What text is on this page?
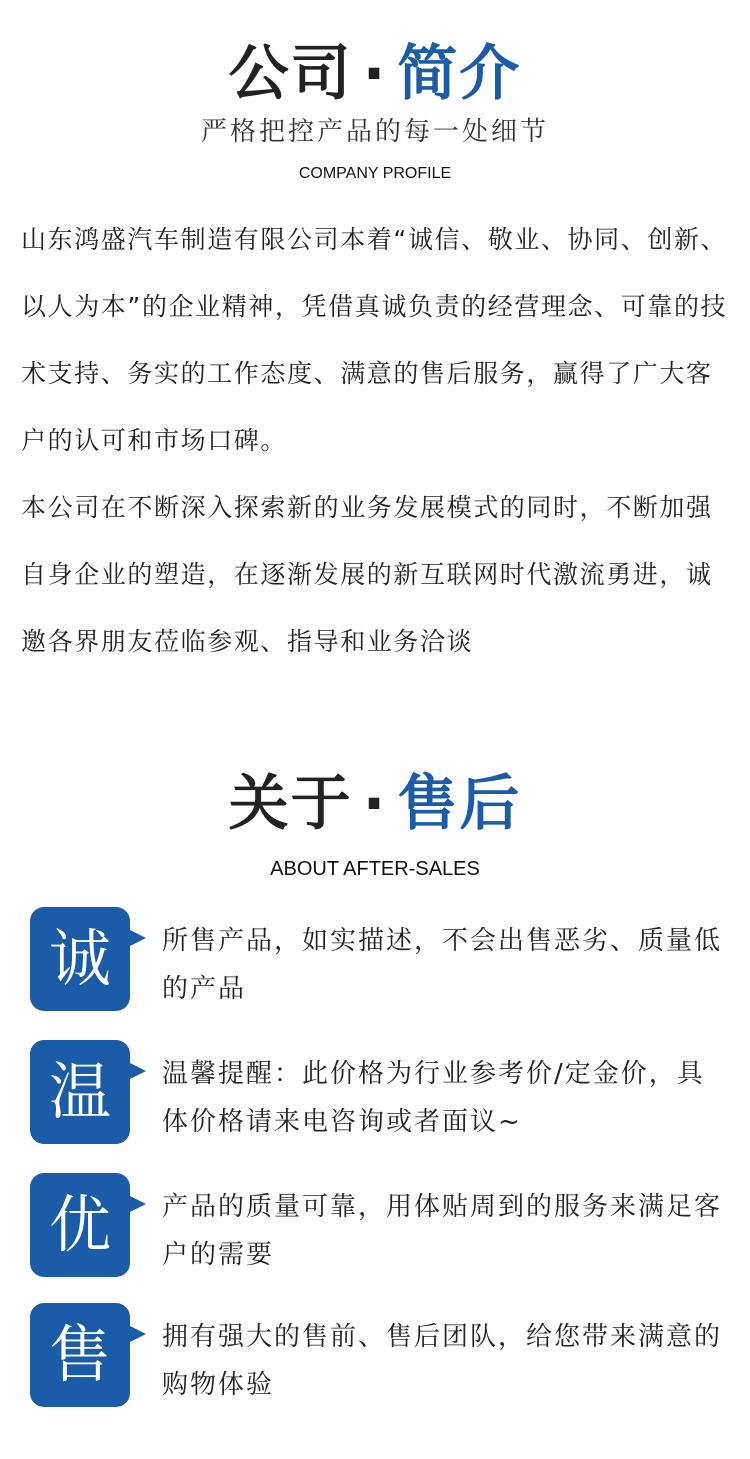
公司 · 简介
严格把控产品的每一处细节
COMPANY PROFILE

山东鸿盛汽车制造有限公司本着“诚信、敬业、协同、创新、以人为本”的企业精神，凭借真诚负责的经营理念、可靠的技术支持、务实的工作态度、满意的售后服务，赢得了广大客户的认可和市场口碑。

本公司在不断深入探索新的业务发展模式的同时，不断加强自身企业的塑造，在逐渐发展的新互联网时代激流勇进，诚邀各界朋友莅临参观、指导和业务洽谈

关于 · 售后
ABOUT AFTER-SALES
诚	所售产品，如实描述，不会出售恶劣、质量低的产品

温	温馨提醒：此价格为行业参考价/定金价，具体价格请来电咨询或者面议~

优	产品的质量可靠，用体贴周到的服务来满足客户的需要

售	拥有强大的售前、售后团队，给您带来满意的购物体验
